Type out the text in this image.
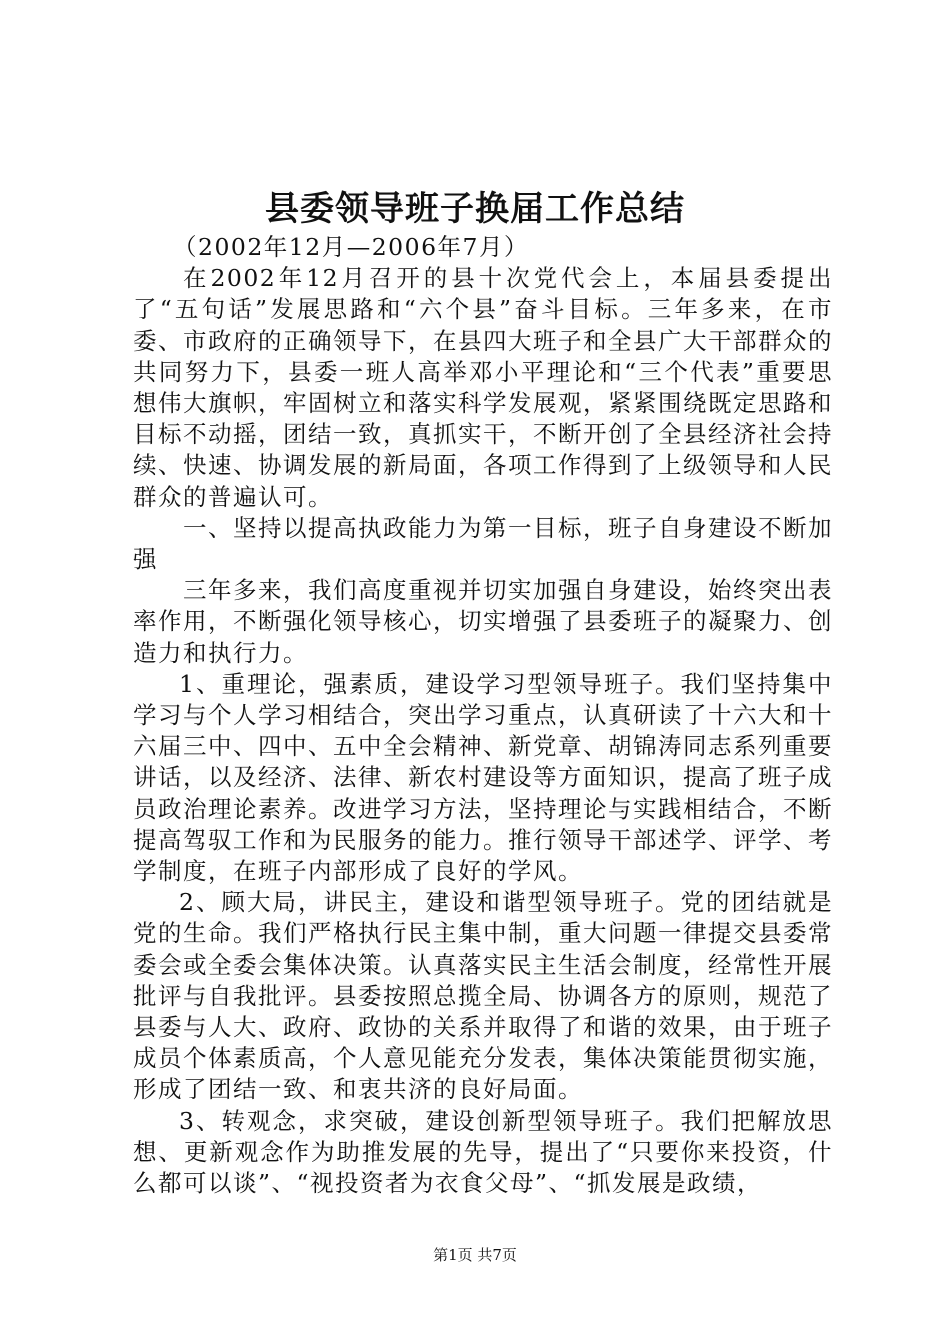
县委领导班子换届工作总结

（2002年12月—2006年7月）

在2002年12月召开的县十次党代会上，本届县委提出了“五句话”发展思路和“六个县”奋斗目标。三年多来，在市委、市政府的正确领导下，在县四大班子和全县广大干部群众的共同努力下，县委一班人高举邓小平理论和“三个代表”重要思想伟大旗帜，牢固树立和落实科学发展观，紧紧围绕既定思路和目标不动摇，团结一致，真抓实干，不断开创了全县经济社会持续、快速、协调发展的新局面，各项工作得到了上级领导和人民群众的普遍认可。

一、坚持以提高执政能力为第一目标，班子自身建设不断加强

三年多来，我们高度重视并切实加强自身建设，始终突出表率作用，不断强化领导核心，切实增强了县委班子的凝聚力、创造力和执行力。

1、重理论，强素质，建设学习型领导班子。我们坚持集中学习与个人学习相结合，突出学习重点，认真研读了十六大和十六届三中、四中、五中全会精神、新党章、胡锦涛同志系列重要讲话，以及经济、法律、新农村建设等方面知识，提高了班子成员政治理论素养。改进学习方法，坚持理论与实践相结合，不断提高驾驭工作和为民服务的能力。推行领导干部述学、评学、考学制度，在班子内部形成了良好的学风。

2、顾大局，讲民主，建设和谐型领导班子。党的团结就是党的生命。我们严格执行民主集中制，重大问题一律提交县委常委会或全委会集体决策。认真落实民主生活会制度，经常性开展批评与自我批评。县委按照总揽全局、协调各方的原则，规范了县委与人大、政府、政协的关系并取得了和谐的效果，由于班子成员个体素质高，个人意见能充分发表，集体决策能贯彻实施，形成了团结一致、和衷共济的良好局面。

3、转观念，求突破，建设创新型领导班子。我们把解放思想、更新观念作为助推发展的先导，提出了“只要你来投资，什么都可以谈”、“视投资者为衣食父母”、“抓发展是政绩，

第1页 共7页
